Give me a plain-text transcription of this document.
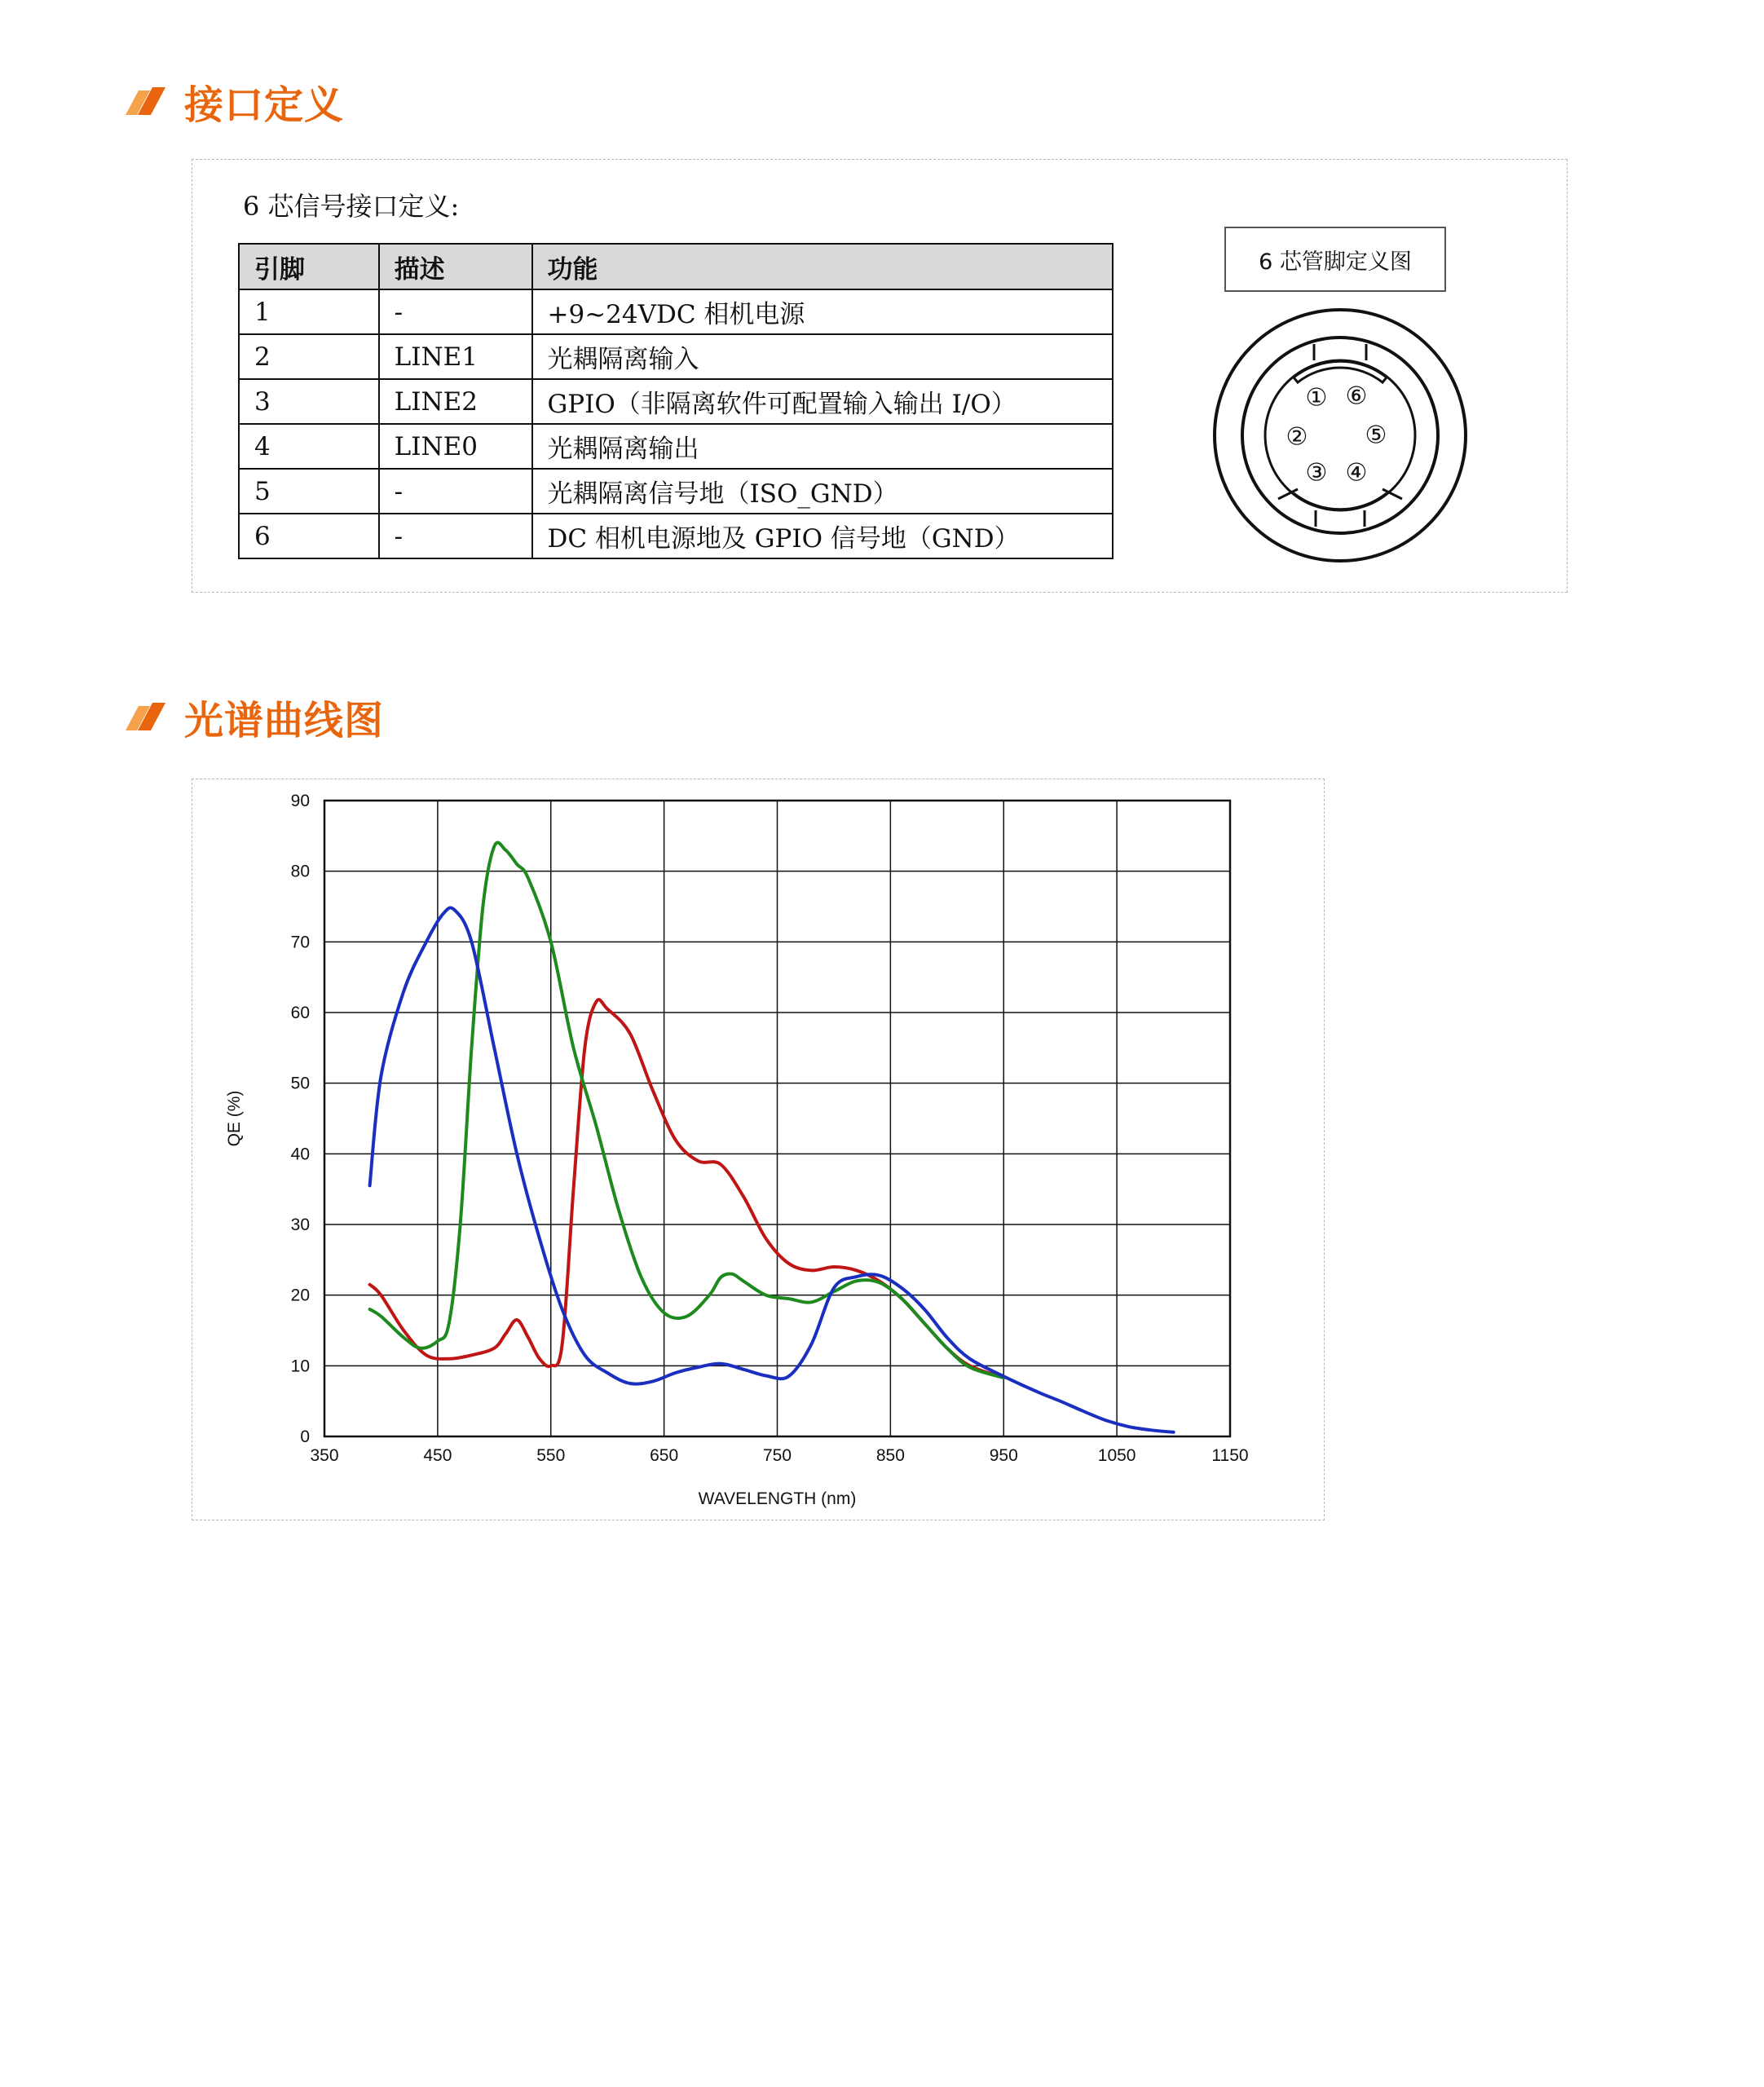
接口定义
6 芯信号接口定义:
引脚	描述	功能
1	-	+9~24VDC 相机电源
2	LINE1	光耦隔离输入
3	LINE2	GPIO（非隔离软件可配置输入输出 I/O）
4	LINE0	光耦隔离输出
5	-	光耦隔离信号地（ISO_GND）
6	-	DC 相机电源地及 GPIO 信号地（GND）
6 芯管脚定义图
① ⑥
② ⑤
③ ④
光谱曲线图
350	450	550	650	750	850	950	1050	1150
0
10
20
30
40
50
60
70
80
90
WAVELENGTH (nm)
QE (%)
